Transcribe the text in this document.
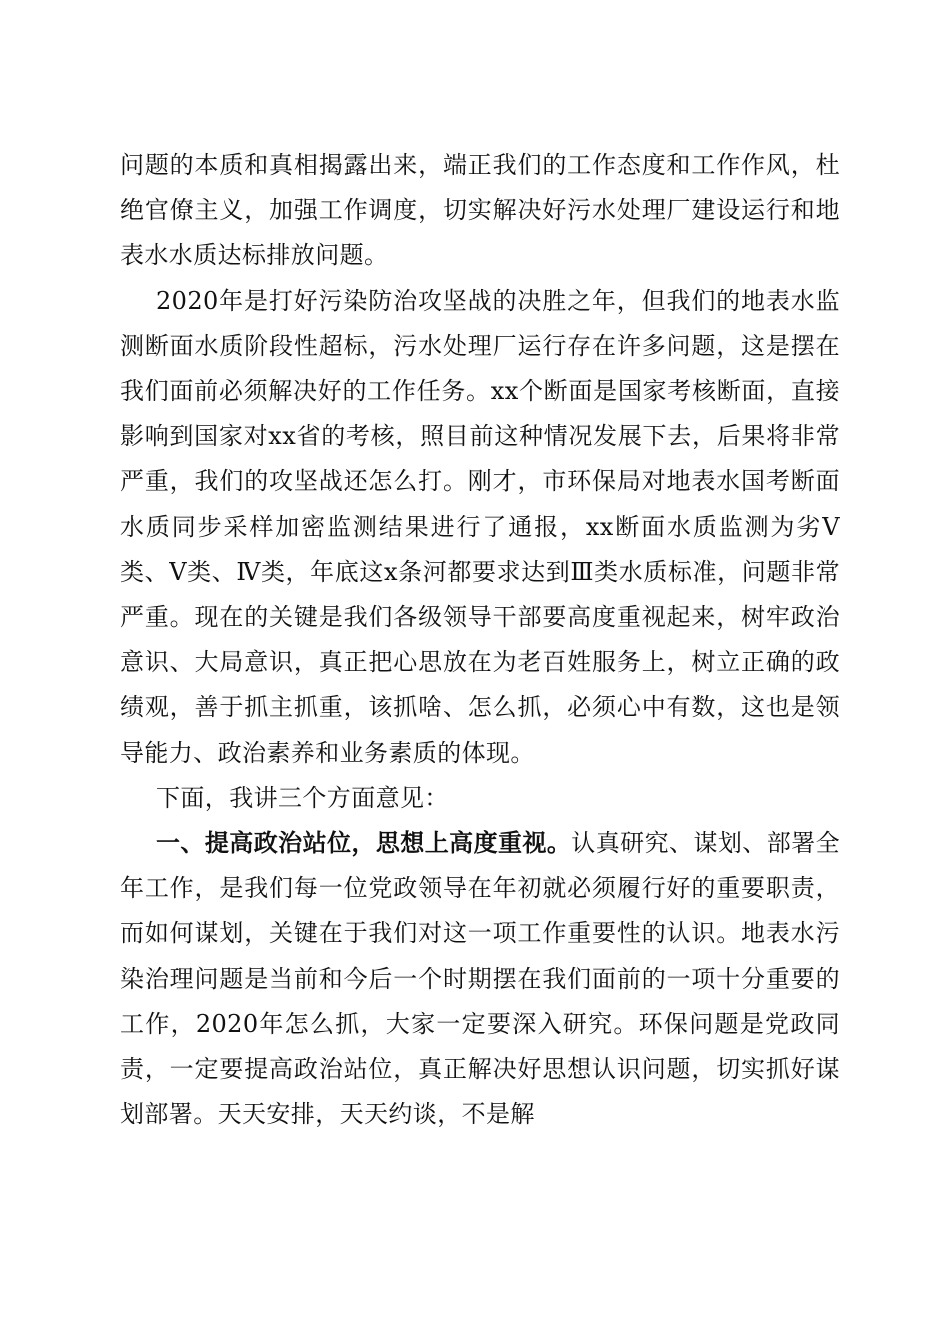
问题的本质和真相揭露出来，端正我们的工作态度和工作作风，杜绝官僚主义，加强工作调度，切实解决好污水处理厂建设运行和地表水水质达标排放问题。

2020年是打好污染防治攻坚战的决胜之年，但我们的地表水监测断面水质阶段性超标，污水处理厂运行存在许多问题，这是摆在我们面前必须解决好的工作任务。xx个断面是国家考核断面，直接影响到国家对xx省的考核，照目前这种情况发展下去，后果将非常严重，我们的攻坚战还怎么打。刚才，市环保局对地表水国考断面水质同步采样加密监测结果进行了通报，xx断面水质监测为劣Ⅴ类、Ⅴ类、Ⅳ类，年底这x条河都要求达到Ⅲ类水质标准，问题非常严重。现在的关键是我们各级领导干部要高度重视起来，树牢政治意识、大局意识，真正把心思放在为老百姓服务上，树立正确的政绩观，善于抓主抓重，该抓啥、怎么抓，必须心中有数，这也是领导能力、政治素养和业务素质的体现。

下面，我讲三个方面意见：

一、提高政治站位，思想上高度重视。认真研究、谋划、部署全年工作，是我们每一位党政领导在年初就必须履行好的重要职责，而如何谋划，关键在于我们对这一项工作重要性的认识。地表水污染治理问题是当前和今后一个时期摆在我们面前的一项十分重要的工作，2020年怎么抓，大家一定要深入研究。环保问题是党政同责，一定要提高政治站位，真正解决好思想认识问题，切实抓好谋划部署。天天安排，天天约谈，不是解
